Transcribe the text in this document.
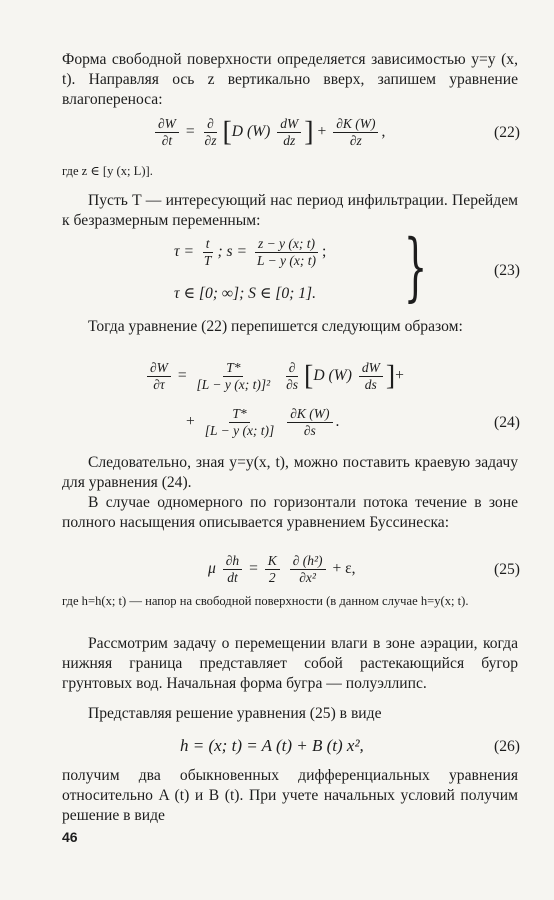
Форма свободной поверхности определяется зависимостью y=y (x, t). Направляя ось z вертикально вверх, запишем уравнение влагопереноса:

$\frac{\partial W}{\partial t} = \frac{\partial}{\partial z} [D$ $(W) \frac{dW}{dz}$ ] + $\frac{\partial K (W)}{\partial z}$ ,	(22)

где z ∈ [y (x; L)].

Пусть T — интересующий нас период инфильтрации. Перейдем к безразмерным переменным:

$\tau = \frac{t}{T}$ ; $s = \frac{z - y (x; t)}{L - y (x; t)}$ ;
τ ∈ [0; ∞]; S ∈ [0; 1]. }	(23)

Тогда уравнение (22) перепишется следующим образом:

$\frac{\partial W}{\partial\tau} = \frac{T*}{\text{[L − y (x; t)]²}}$
$\frac{\partial}{\partial s} [D$ $(W) \frac{dW}{ds}$ ]+
+ $\frac{T*}{[L - y (x; t)]}$
$\frac{\partial K (W)}{\partial s}$ .	(24)

Следовательно, зная y=y(x, t), можно поставить краевую задачу для уравнения (24).

В случае одномерного по горизонтали потока течение в зоне полного насыщения описывается уравнением Буссинеска:

μ $\frac{\partial h}{dt} = \frac{K}{2}$
$\frac{\text{∂ (h²)}}{\text{∂x²}} + \varepsilon$,	(25)

где h=h(x; t) — напор на свободной поверхности (в данном случае h=y(x; t).

Рассмотрим задачу о перемещении влаги в зоне аэрации, когда нижняя граница представляет собой растекающийся бугор грунтовых вод. Начальная форма бугра — полуэллипс.

Представляя решение уравнения (25) в виде

h = (x; t) = A (t) + B (t) x²,	(26)

получим два обыкновенных дифференциальных уравнения относительно A (t) и B (t). При учете начальных условий получим решение в виде

46
